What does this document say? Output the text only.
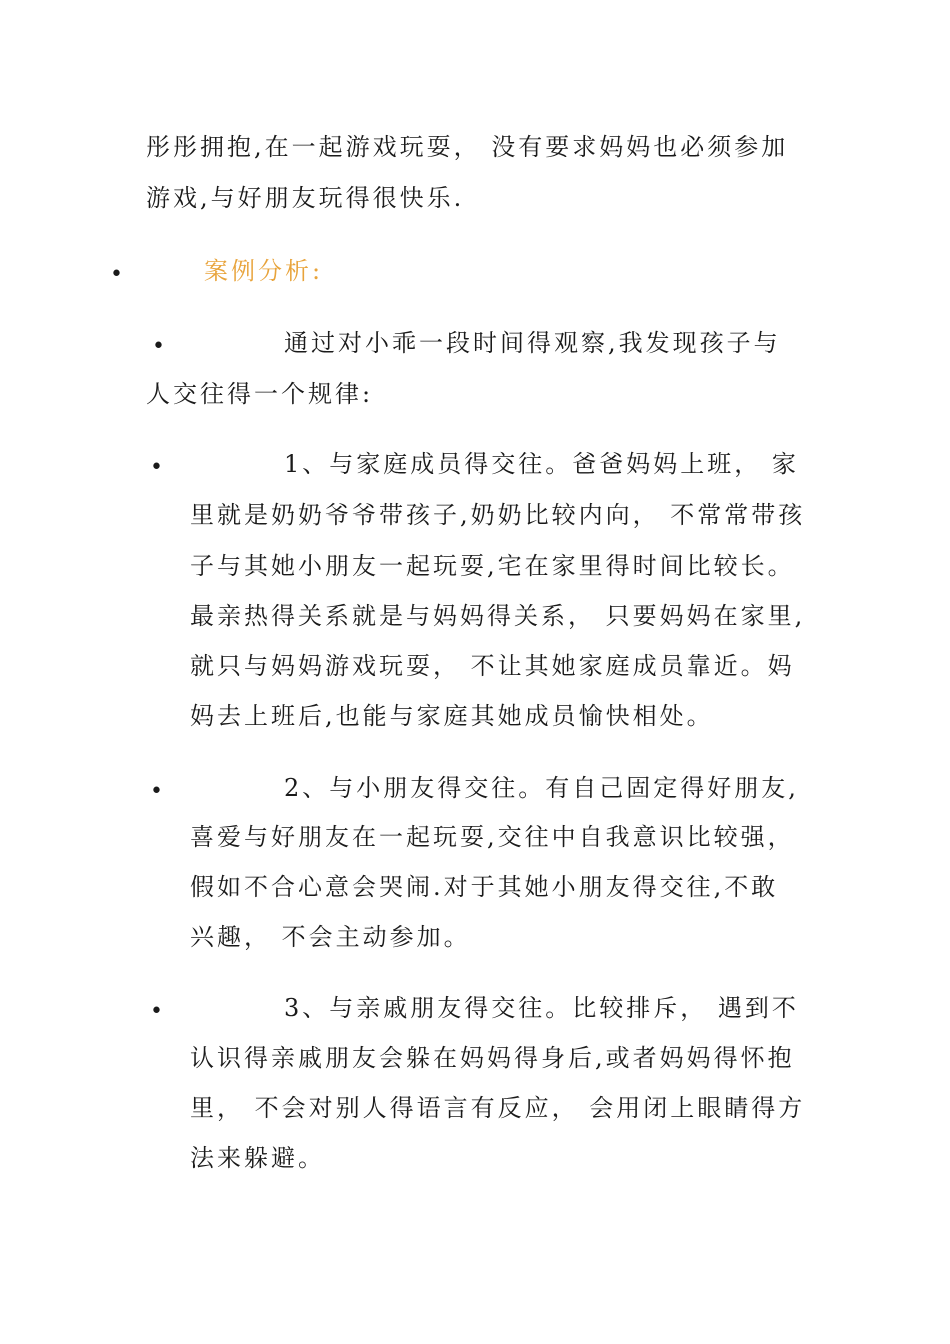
彤彤拥抱,在一起游戏玩耍， 没有要求妈妈也必须参加
游戏,与好朋友玩得很快乐.
•	案例分析:
•	通过对小乖一段时间得观察,我发现孩子与
人交往得一个规律:
•	1、与家庭成员得交往。爸爸妈妈上班， 家
里就是奶奶爷爷带孩子,奶奶比较内向， 不常常带孩
子与其她小朋友一起玩耍,宅在家里得时间比较长。
最亲热得关系就是与妈妈得关系， 只要妈妈在家里,
就只与妈妈游戏玩耍， 不让其她家庭成员靠近。妈
妈去上班后,也能与家庭其她成员愉快相处。
•	2、与小朋友得交往。有自己固定得好朋友,
喜爱与好朋友在一起玩耍,交往中自我意识比较强，
假如不合心意会哭闹.对于其她小朋友得交往,不敢
兴趣， 不会主动参加。
•	3、与亲戚朋友得交往。比较排斥， 遇到不
认识得亲戚朋友会躲在妈妈得身后,或者妈妈得怀抱
里， 不会对别人得语言有反应， 会用闭上眼睛得方
法来躲避。
